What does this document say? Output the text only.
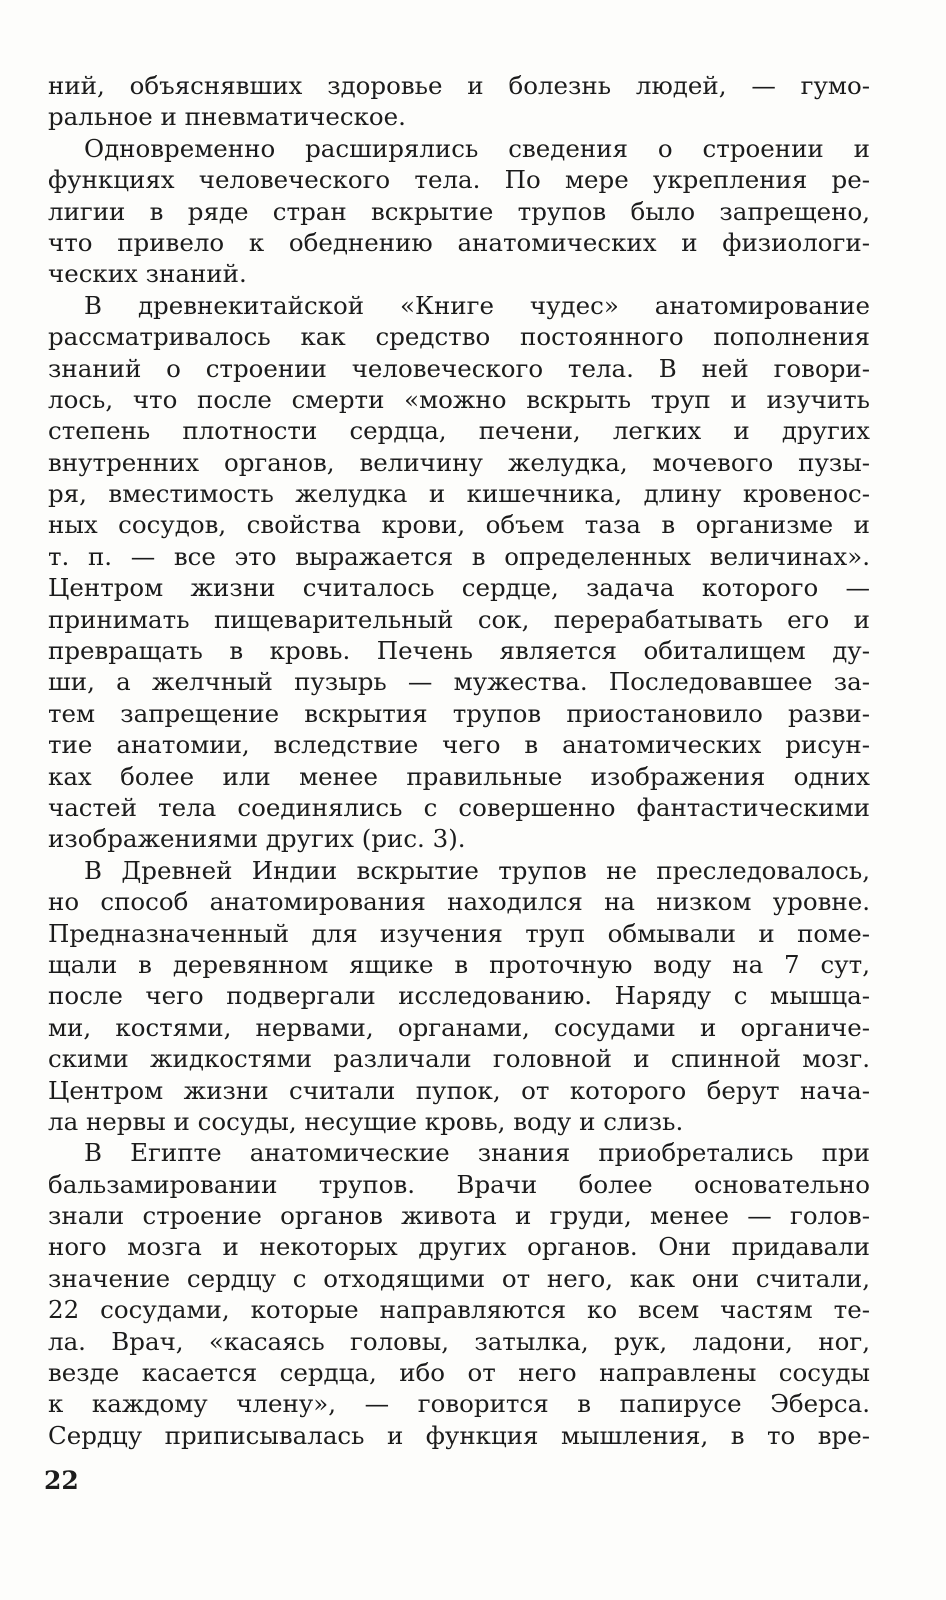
ний, объяснявших здоровье и болезнь людей, — гумо-
ральное и пневматическое.
Одновременно расширялись сведения о строении и
функциях человеческого тела. По мере укрепления ре-
лигии в ряде стран вскрытие трупов было запрещено,
что привело к обеднению анатомических и физиологи-
ческих знаний.
В древнекитайской «Книге чудес» анатомирование
рассматривалось как средство постоянного пополнения
знаний о строении человеческого тела. В ней говори-
лось, что после смерти «можно вскрыть труп и изучить
степень плотности сердца, печени, легких и других
внутренних органов, величину желудка, мочевого пузы-
ря, вместимость желудка и кишечника, длину кровенос-
ных сосудов, свойства крови, объем таза в организме и
т. п. — все это выражается в определенных величинах».
Центром жизни считалось сердце, задача которого —
принимать пищеварительный сок, перерабатывать его и
превращать в кровь. Печень является обиталищем ду-
ши, а желчный пузырь — мужества. Последовавшее за-
тем запрещение вскрытия трупов приостановило разви-
тие анатомии, вследствие чего в анатомических рисун-
ках более или менее правильные изображения одних
частей тела соединялись с совершенно фантастическими
изображениями других (рис. 3).
В Древней Индии вскрытие трупов не преследовалось,
но способ анатомирования находился на низком уровне.
Предназначенный для изучения труп обмывали и поме-
щали в деревянном ящике в проточную воду на 7 сут,
после чего подвергали исследованию. Наряду с мышца-
ми, костями, нервами, органами, сосудами и органиче-
скими жидкостями различали головной и спинной мозг.
Центром жизни считали пупок, от которого берут нача-
ла нервы и сосуды, несущие кровь, воду и слизь.
В Египте анатомические знания приобретались при
бальзамировании трупов. Врачи более основательно
знали строение органов живота и груди, менее — голов-
ного мозга и некоторых других органов. Они придавали
значение сердцу с отходящими от него, как они считали,
22 сосудами, которые направляются ко всем частям те-
ла. Врач, «касаясь головы, затылка, рук, ладони, ног,
везде касается сердца, ибо от него направлены сосуды
к каждому члену», — говорится в папирусе Эберса.
Сердцу приписывалась и функция мышления, в то вре-
22
